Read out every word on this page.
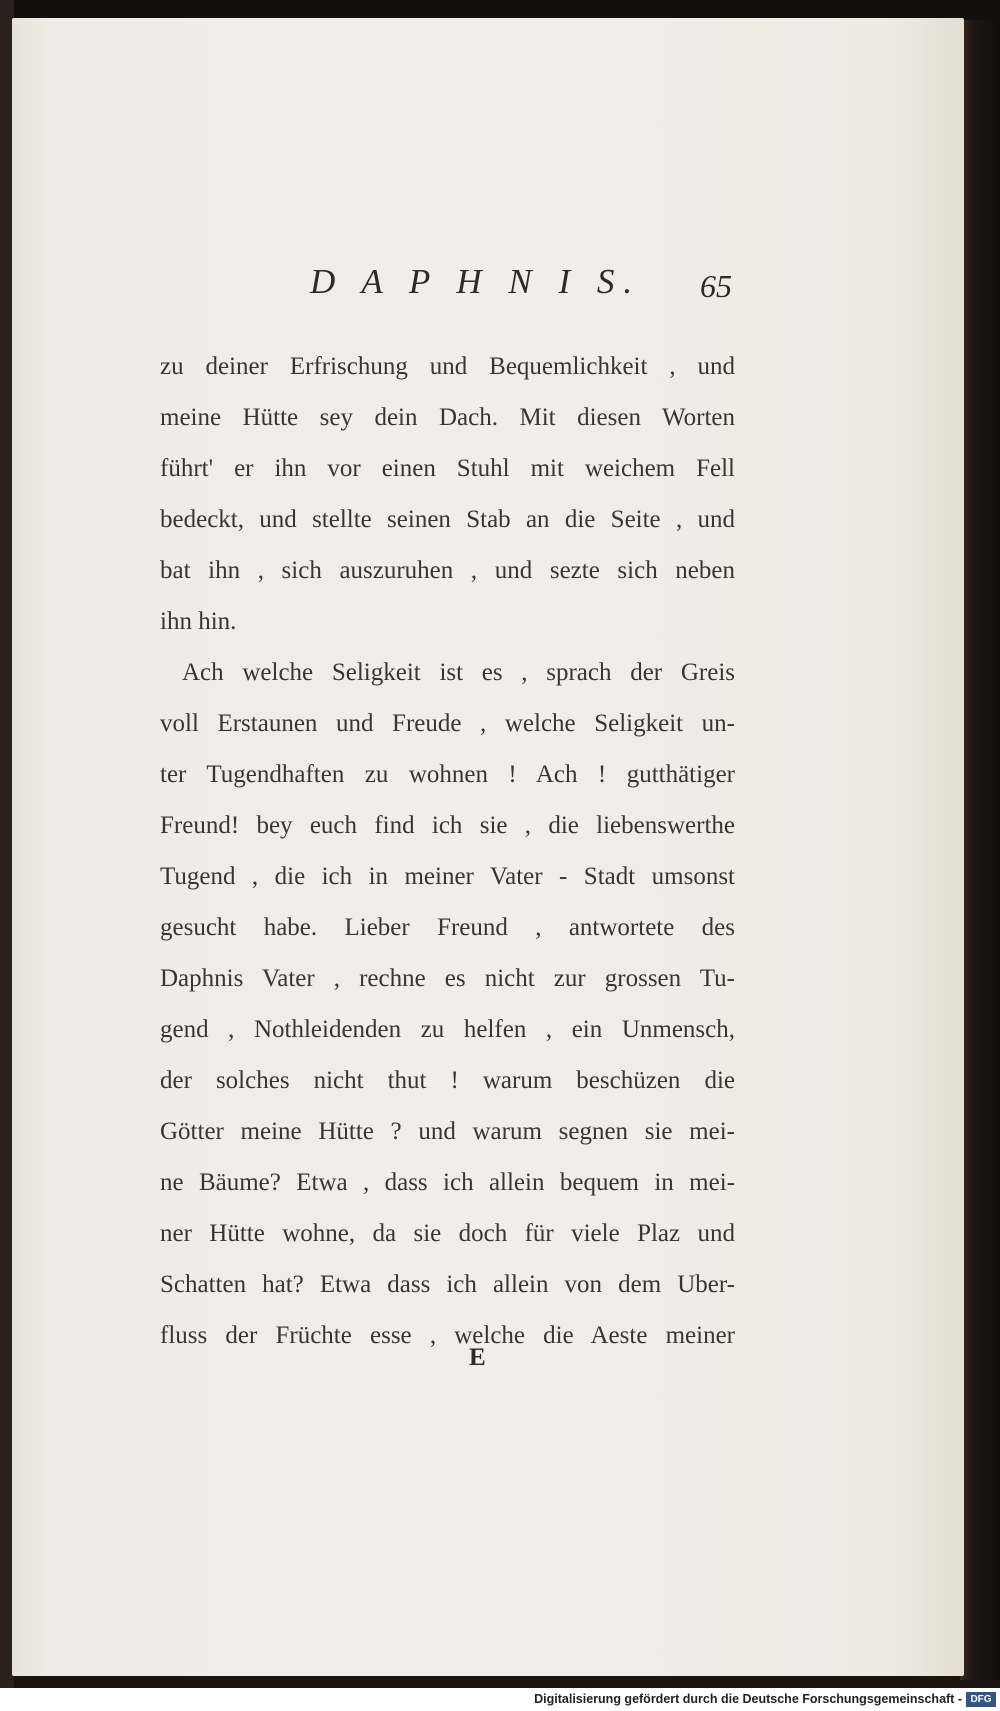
D A P H N I S. 65
zu deiner Erfrischung und Bequemlichkeit , und
meine Hütte sey dein Dach. Mit diesen Worten
führt' er ihn vor einen Stuhl mit weichem Fell
bedeckt, und stellte seinen Stab an die Seite , und
bat ihn , sich auszuruhen , und sezte sich neben
ihn hin.
Ach welche Seligkeit ist es , sprach der Greis
voll Erstaunen und Freude , welche Seligkeit un-
ter Tugendhaften zu wohnen ! Ach ! gutthätiger
Freund! bey euch find ich sie , die liebenswerthe
Tugend , die ich in meiner Vater - Stadt umsonst
gesucht habe. Lieber Freund , antwortete des
Daphnis Vater , rechne es nicht zur grossen Tu-
gend , Nothleidenden zu helfen , ein Unmensch,
der solches nicht thut ! warum beschüzen die
Götter meine Hütte ? und warum segnen sie mei-
ne Bäume? Etwa , dass ich allein bequem in mei-
ner Hütte wohne, da sie doch für viele Plaz und
Schatten hat? Etwa dass ich allein von dem Uber-
fluss der Früchte esse , welche die Aeste meiner
E
Digitalisierung gefördert durch die Deutsche Forschungsgemeinschaft - DFG
